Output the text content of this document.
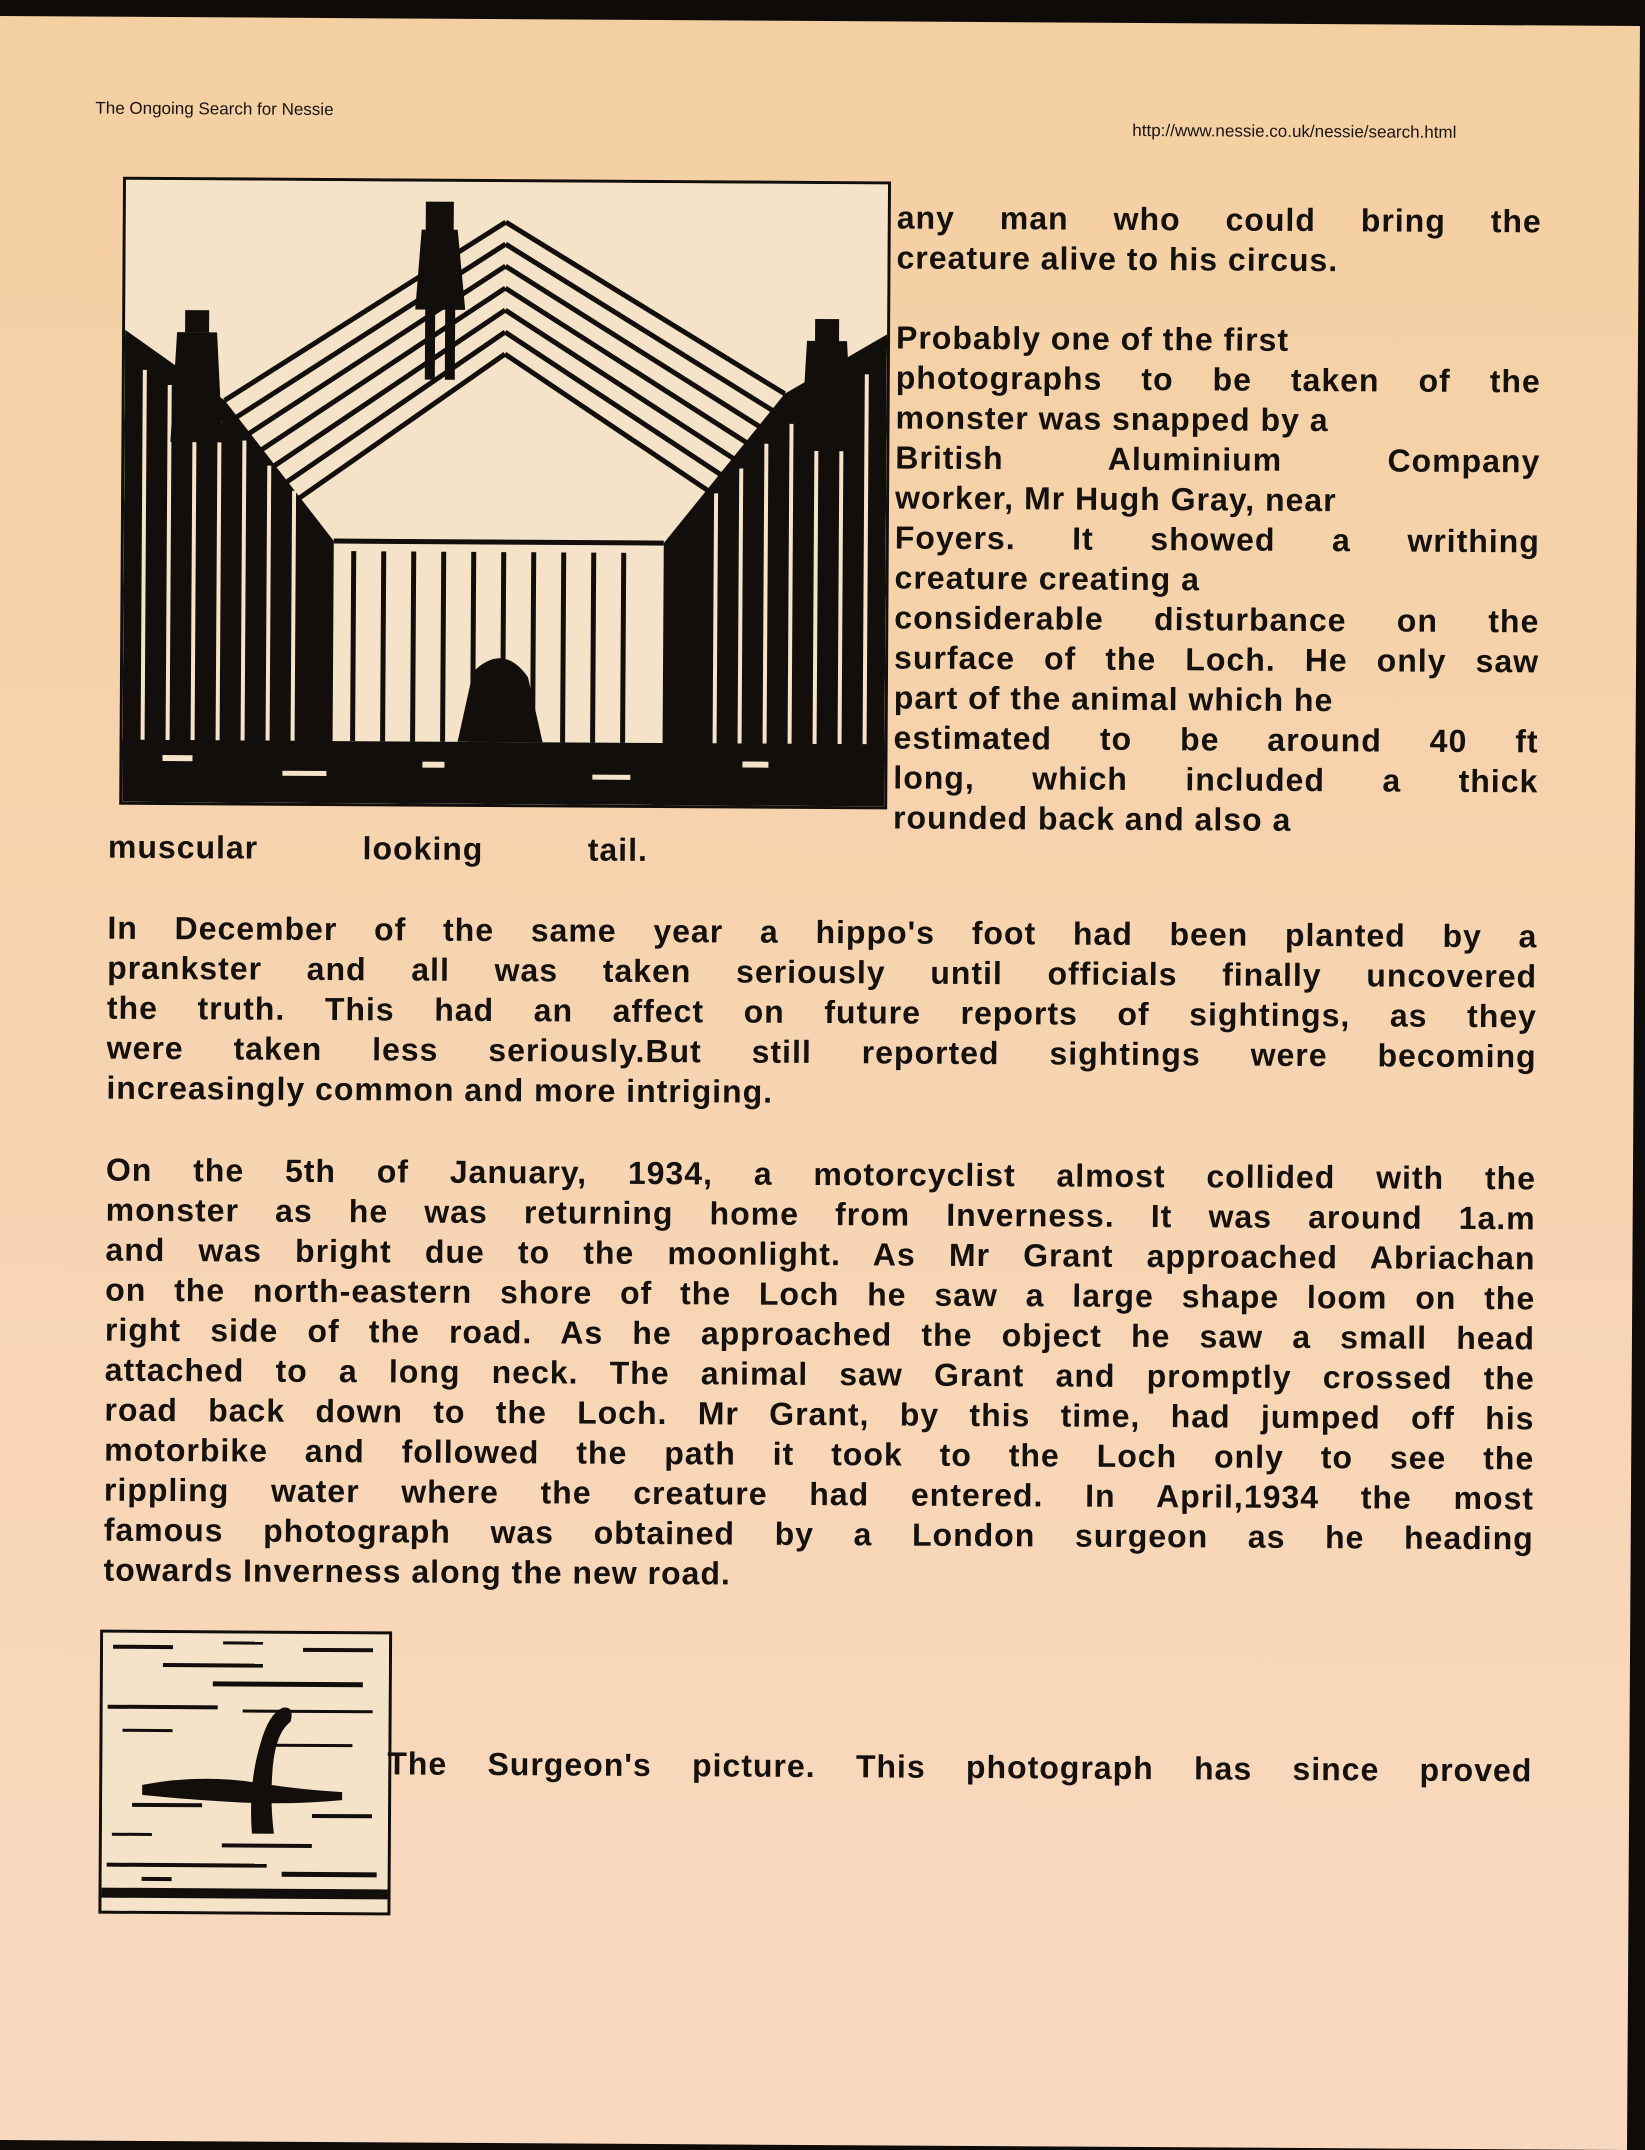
The Ongoing Search for Nessie
http://www.nessie.co.uk/nessie/search.html
any man who could bring the
creature alive to his circus.
Probably one of the first
photographs to be taken of the
monster was snapped by a
British Aluminium Company
worker, Mr Hugh Gray, near
Foyers. It showed a writhing
creature creating a
considerable disturbance on the
surface of the Loch. He only saw
part of the animal which he
estimated to be around 40 ft
long, which included a thick
rounded back and also a
muscular looking tail.
In December of the same year a hippo's foot had been planted by a
prankster and all was taken seriously until officials finally uncovered
the truth. This had an affect on future reports of sightings, as they
were taken less seriously.But still reported sightings were becoming
increasingly common and more intriging.
On the 5th of January, 1934, a motorcyclist almost collided with the
monster as he was returning home from Inverness. It was around 1a.m
and was bright due to the moonlight. As Mr Grant approached Abriachan
on the north-eastern shore of the Loch he saw a large shape loom on the
right side of the road. As he approached the object he saw a small head
attached to a long neck. The animal saw Grant and promptly crossed the
road back down to the Loch. Mr Grant, by this time, had jumped off his
motorbike and followed the path it took to the Loch only to see the
rippling water where the creature had entered. In April,1934 the most
famous photograph was obtained by a London surgeon as he heading
towards Inverness along the new road.
The Surgeon's picture. This photograph has since proved
